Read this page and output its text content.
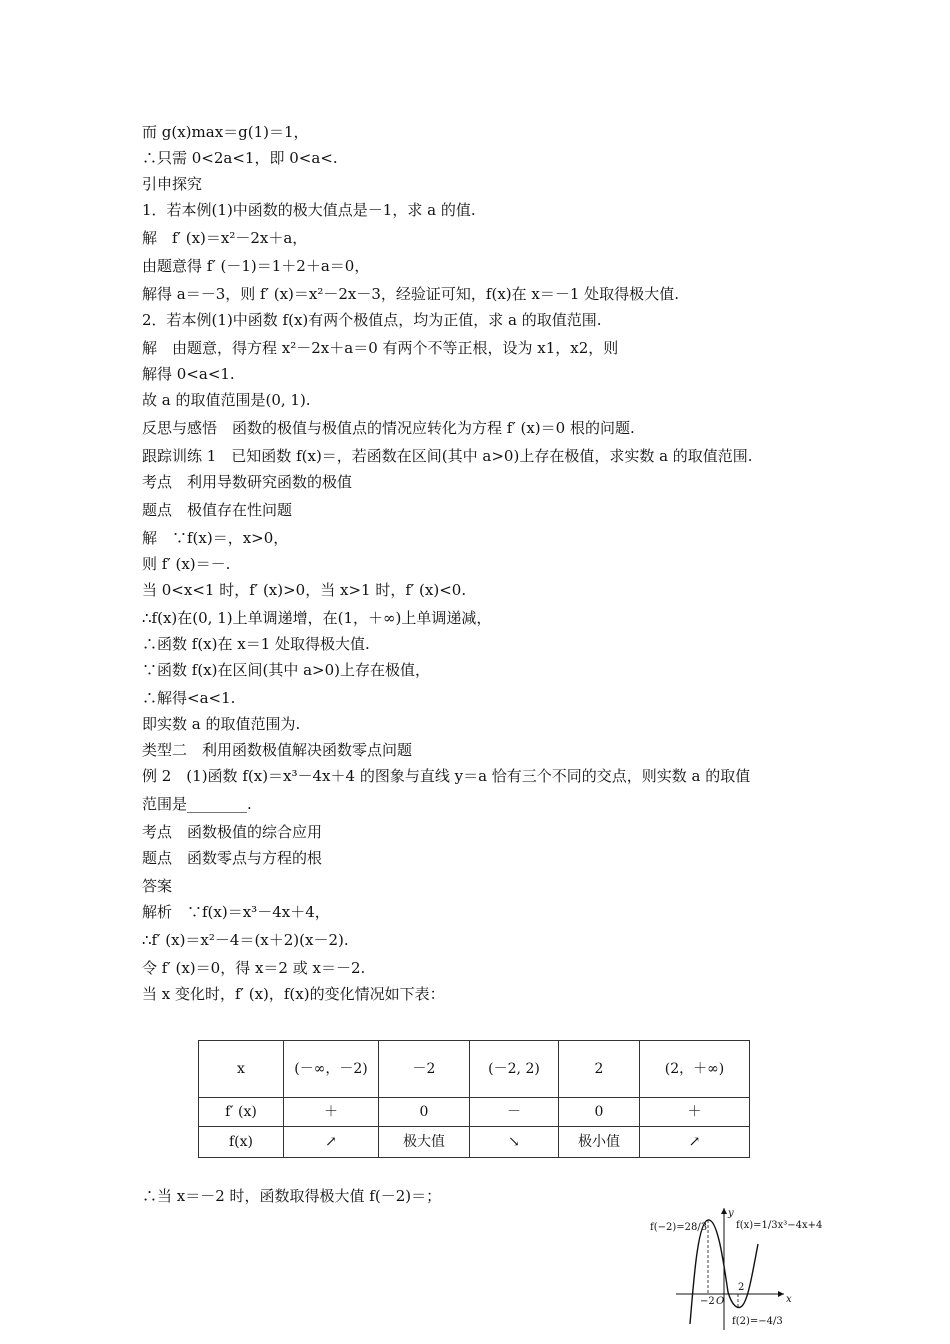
而 g(x)max＝g(1)＝1，
∴只需 0<2a<1，即 0<a<.
引申探究
1．若本例(1)中函数的极大值点是－1，求 a 的值.
解　f′ (x)＝x²－2x＋a，
由题意得 f′ (－1)＝1＋2＋a＝0，
解得 a＝－3，则 f′ (x)＝x²－2x－3，经验证可知，f(x)在 x＝－1 处取得极大值.
2．若本例(1)中函数 f(x)有两个极值点，均为正值，求 a 的取值范围.
解　由题意，得方程 x²－2x＋a＝0 有两个不等正根，设为 x1，x2，则
解得 0<a<1.
故 a 的取值范围是(0, 1).
反思与感悟　函数的极值与极值点的情况应转化为方程 f′ (x)＝0 根的问题.
跟踪训练 1　已知函数 f(x)＝，若函数在区间(其中 a>0)上存在极值，求实数 a 的取值范围.
考点　利用导数研究函数的极值
题点　极值存在性问题
解　∵f(x)＝，x>0，
则 f′ (x)＝－.
当 0<x<1 时，f′ (x)>0，当 x>1 时，f′ (x)<0.
∴f(x)在(0, 1)上单调递增，在(1，＋∞)上单调递减，
∴函数 f(x)在 x＝1 处取得极大值.
∵函数 f(x)在区间(其中 a>0)上存在极值，
∴解得<a<1.
即实数 a 的取值范围为.
类型二　利用函数极值解决函数零点问题
例 2　(1)函数 f(x)＝x³－4x＋4 的图象与直线 y＝a 恰有三个不同的交点，则实数 a 的取值
范围是________.
考点　函数极值的综合应用
题点　函数零点与方程的根
答案
解析　∵f(x)＝x³－4x＋4，
∴f′ (x)＝x²－4＝(x＋2)(x－2).
令 f′ (x)＝0，得 x＝2 或 x＝－2.
当 x 变化时，f′ (x)，f(x)的变化情况如下表：
x	(－∞，－2)	－2	(－2, 2)	2	(2，＋∞)
f′ (x)	＋	0	－	0	＋
f(x)	↗	极大值	↘	极小值	↗
∴当 x＝－2 时，函数取得极大值 f(－2)＝；
f(−2)=28/3	f(x)=1/3x³−4x+4
f(2)=−4/3
x
y
O
−2
2
